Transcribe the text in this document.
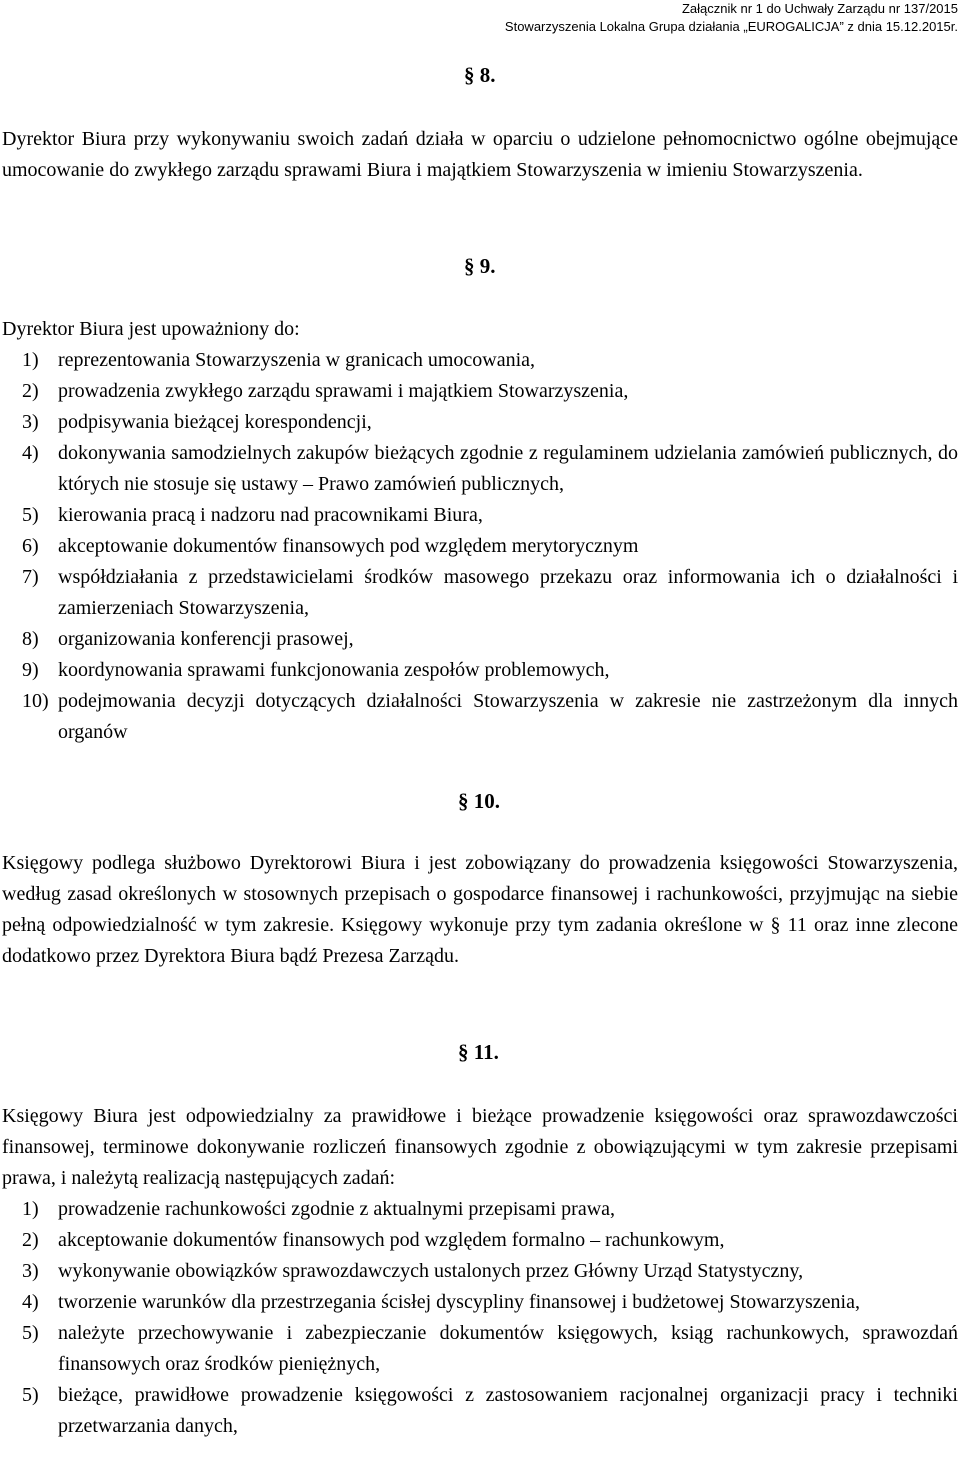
Załącznik nr 1 do Uchwały Zarządu nr 137/2015
Stowarzyszenia Lokalna Grupa działania „EUROGALICJA” z dnia 15.12.2015r.
§ 8.
Dyrektor Biura przy wykonywaniu swoich zadań działa w oparciu o udzielone pełnomocnictwo ogólne obejmujące umocowanie do zwykłego zarządu sprawami Biura i majątkiem Stowarzyszenia w imieniu Stowarzyszenia.
§ 9.
Dyrektor Biura jest upoważniony do:
1) reprezentowania Stowarzyszenia w granicach umocowania,
2) prowadzenia zwykłego zarządu sprawami i majątkiem Stowarzyszenia,
3) podpisywania bieżącej korespondencji,
4) dokonywania samodzielnych zakupów bieżących zgodnie z regulaminem udzielania zamówień publicznych, do których nie stosuje się ustawy – Prawo zamówień publicznych,
5) kierowania pracą i nadzoru nad pracownikami Biura,
6) akceptowanie dokumentów finansowych pod względem merytorycznym
7) współdziałania z przedstawicielami środków masowego przekazu oraz informowania ich o działalności i zamierzeniach Stowarzyszenia,
8) organizowania konferencji prasowej,
9) koordynowania sprawami funkcjonowania zespołów problemowych,
10) podejmowania decyzji dotyczących działalności Stowarzyszenia w zakresie nie zastrzeżonym dla innych organów
§ 10.
Księgowy podlega służbowo Dyrektorowi Biura i jest zobowiązany do prowadzenia księgowości Stowarzyszenia, według zasad określonych w stosownych przepisach o gospodarce finansowej i rachunkowości, przyjmując na siebie pełną odpowiedzialność w tym zakresie. Księgowy wykonuje przy tym zadania określone w § 11 oraz inne zlecone dodatkowo przez Dyrektora Biura bądź Prezesa Zarządu.
§ 11.
Księgowy Biura jest odpowiedzialny za prawidłowe i bieżące prowadzenie księgowości oraz sprawozdawczości finansowej, terminowe dokonywanie rozliczeń finansowych zgodnie z obowiązującymi w tym zakresie przepisami prawa, i należytą realizacją następujących zadań:
1) prowadzenie rachunkowości zgodnie z aktualnymi przepisami prawa,
2) akceptowanie dokumentów finansowych pod względem formalno – rachunkowym,
3) wykonywanie obowiązków sprawozdawczych ustalonych przez Główny Urząd Statystyczny,
4) tworzenie warunków dla przestrzegania ścisłej dyscypliny finansowej i budżetowej Stowarzyszenia,
5) należyte przechowywanie i zabezpieczanie dokumentów księgowych, ksiąg rachunkowych, sprawozdań finansowych oraz środków pieniężnych,
5) bieżące, prawidłowe prowadzenie księgowości z zastosowaniem racjonalnej organizacji pracy i techniki przetwarzania danych,
